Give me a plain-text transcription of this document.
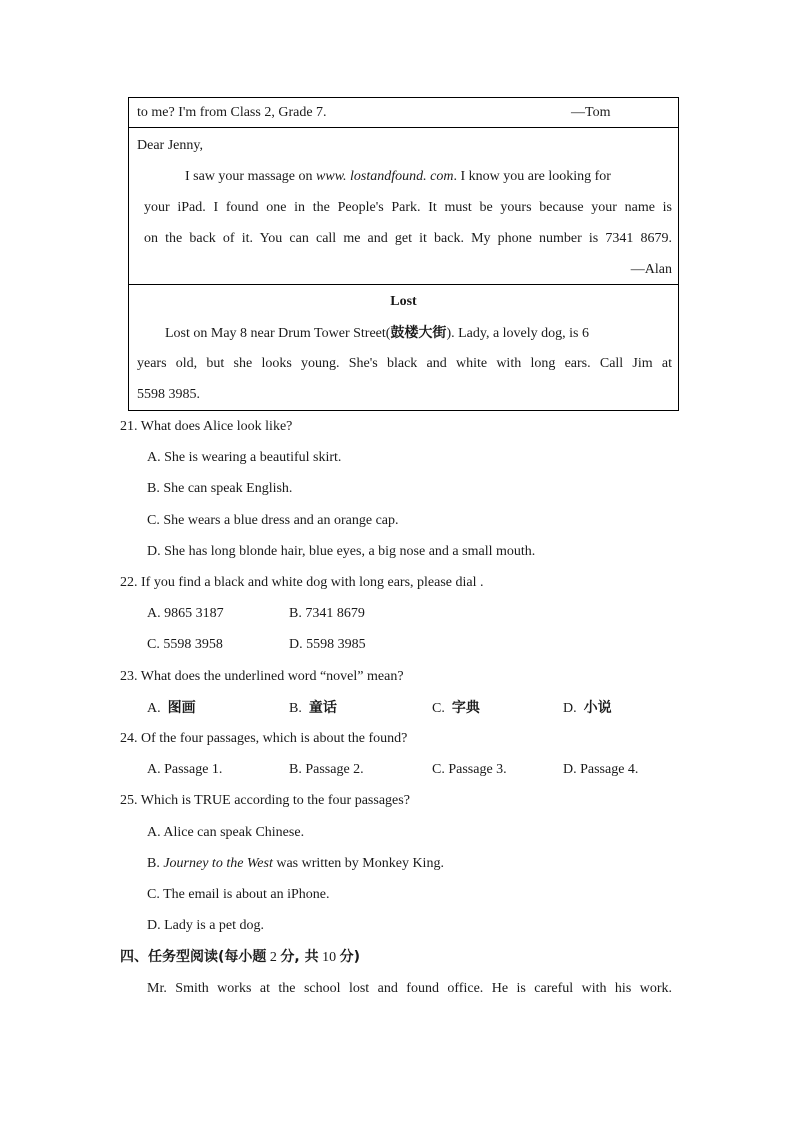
to me? I'm from Class 2, Grade 7.	—Tom
Dear Jenny,
I saw your massage on www. lostandfound. com. I know you are looking for
your iPad. I found one in the People's Park. It must be yours because your name is
on the back of it. You can call me and get it back. My phone number is 7341 8679.
—Alan
Lost
Lost on May 8 near Drum Tower Street(鼓楼大街). Lady, a lovely dog, is 6
years old, but she looks young. She's black and white with long ears. Call Jim at
5598 3985.
21. What does Alice look like?
A. She is wearing a beautiful skirt.
B. She can speak English.
C. She wears a blue dress and an orange cap.
D. She has long blonde hair, blue eyes, a big nose and a small mouth.
22. If you find a black and white dog with long ears, please dial .
A. 9865 3187	B. 7341 8679
C. 5598 3958	D. 5598 3985
23. What does the underlined word “novel” mean?
A. 图画	B. 童话	C. 字典	D. 小说
24. Of the four passages, which is about the found?
A. Passage 1.	B. Passage 2.	C. Passage 3.	D. Passage 4.
25. Which is TRUE according to the four passages?
A. Alice can speak Chinese.
B. Journey to the West was written by Monkey King.
C. The email is about an iPhone.
D. Lady is a pet dog.
四、任务型阅读(每小题 2 分, 共 10 分)
Mr. Smith works at the school lost and found office. He is careful with his work.
